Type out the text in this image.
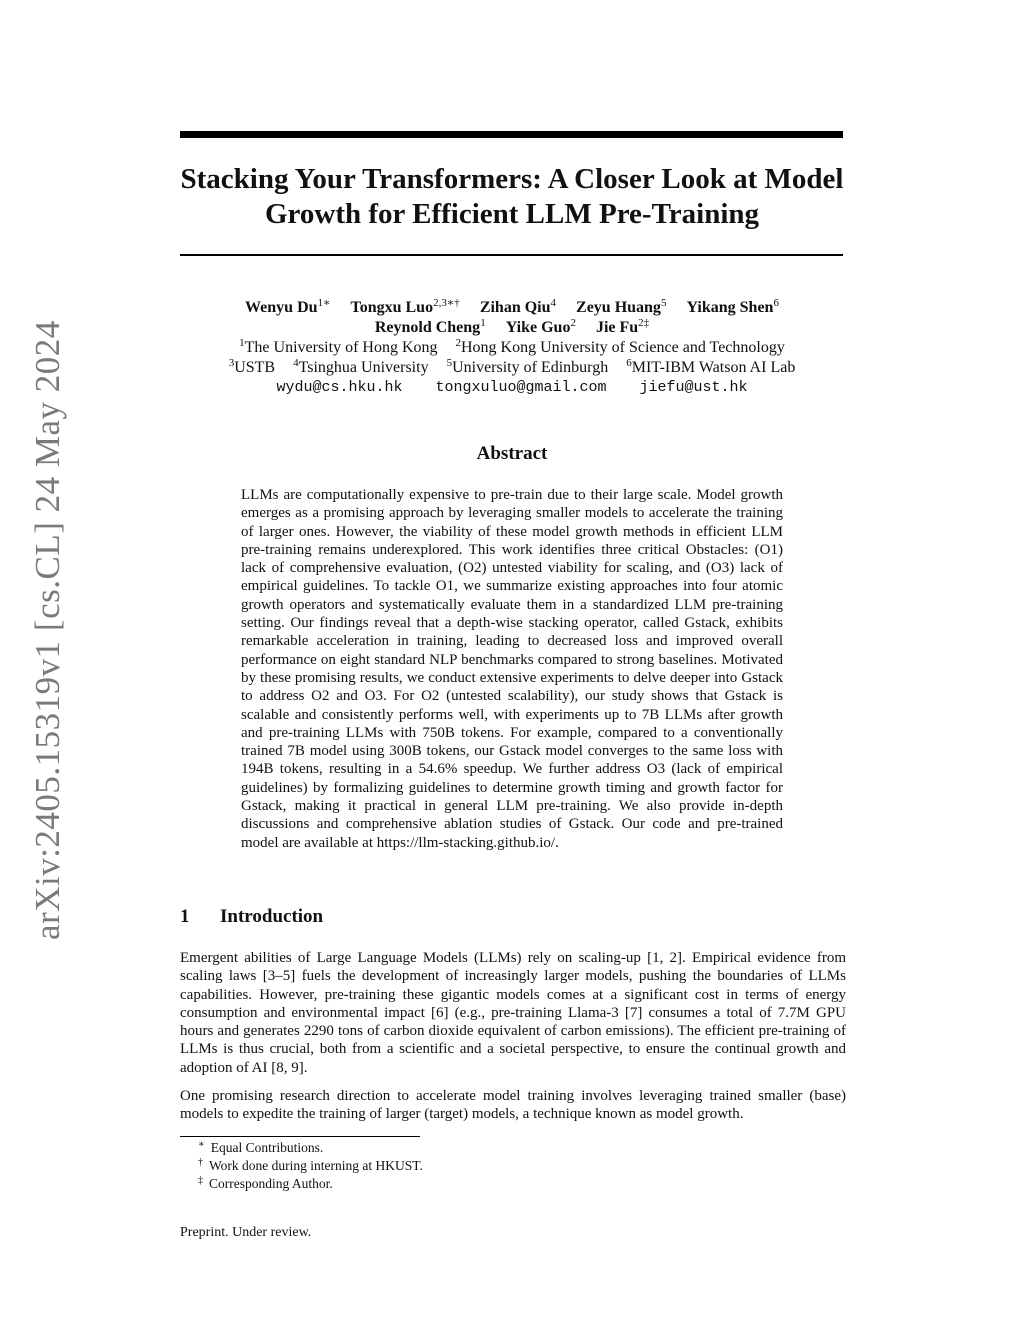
arXiv:2405.15319v1 [cs.CL] 24 May 2024
Stacking Your Transformers: A Closer Look at Model
Growth for Efficient LLM Pre-Training
Wenyu $Du^{1∗}$ Tongxu Luo$^{2,3∗\dagger}$ Zihan Qiu$^4$ Zeyu Huang$^5$ Yikang Shen$^6$
Reynold Cheng$^1$ Yike Guo$^2$ Jie $Fu^{2\ddagger}$
$^1$The University of Hong Kong $^2$Hong Kong University of Science and Technology
$^3$USTB $^4$Tsinghua University $^5$University of Edinburgh $^6$MIT-IBM Watson AI Lab
wydu@cs.hku.hk tongxuluo@gmail.com jiefu@ust.hk
Abstract

LLMs are computationally expensive to pre-train due to their large scale. Model growth emerges as a promising approach by leveraging smaller models to accelerate the training of larger ones. However, the viability of these model growth methods in efficient LLM pre-training remains underexplored. This work identifies three critical Obstacles: (O1) lack of comprehensive evaluation, (O2) untested viability for scaling, and (O3) lack of empirical guidelines. To tackle O1, we summarize existing approaches into four atomic growth operators and systematically evaluate them in a standardized LLM pre-training setting. Our findings reveal that a depth-wise stacking operator, called Gstack, exhibits remarkable acceleration in training, leading to decreased loss and improved overall performance on eight standard NLP benchmarks compared to strong baselines. Motivated by these promising results, we conduct extensive experiments to delve deeper into Gstack to address O2 and O3. For O2 (untested scalability), our study shows that Gstack is scalable and consistently performs well, with experiments up to 7B LLMs after growth and pre-training LLMs with 750B tokens. For example, compared to a conventionally trained 7B model using 300B tokens, our Gstack model converges to the same loss with 194B tokens, resulting in a 54.6% speedup. We further address O3 (lack of empirical guidelines) by formalizing guidelines to determine growth timing and growth factor for Gstack, making it practical in general LLM pre-training. We also provide in-depth discussions and comprehensive ablation studies of Gstack. Our code and pre-trained model are available at https://llm-stacking.github.io/.

1 Introduction

Emergent abilities of Large Language Models (LLMs) rely on scaling-up [1, 2]. Empirical evidence from scaling laws [3–5] fuels the development of increasingly larger models, pushing the boundaries of LLMs capabilities. However, pre-training these gigantic models comes at a significant cost in terms of energy consumption and environmental impact [6] (e.g., pre-training Llama-3 [7] consumes a total of 7.7M GPU hours and generates 2290 tons of carbon dioxide equivalent of carbon emissions). The efficient pre-training of LLMs is thus crucial, both from a scientific and a societal perspective, to ensure the continual growth and adoption of AI [8, 9].

One promising research direction to accelerate model training involves leveraging trained smaller (base) models to expedite the training of larger (target) models, a technique known as model growth.

∗ Equal Contributions.
† Work done during interning at HKUST.
‡ Corresponding Author.
Preprint. Under review.
